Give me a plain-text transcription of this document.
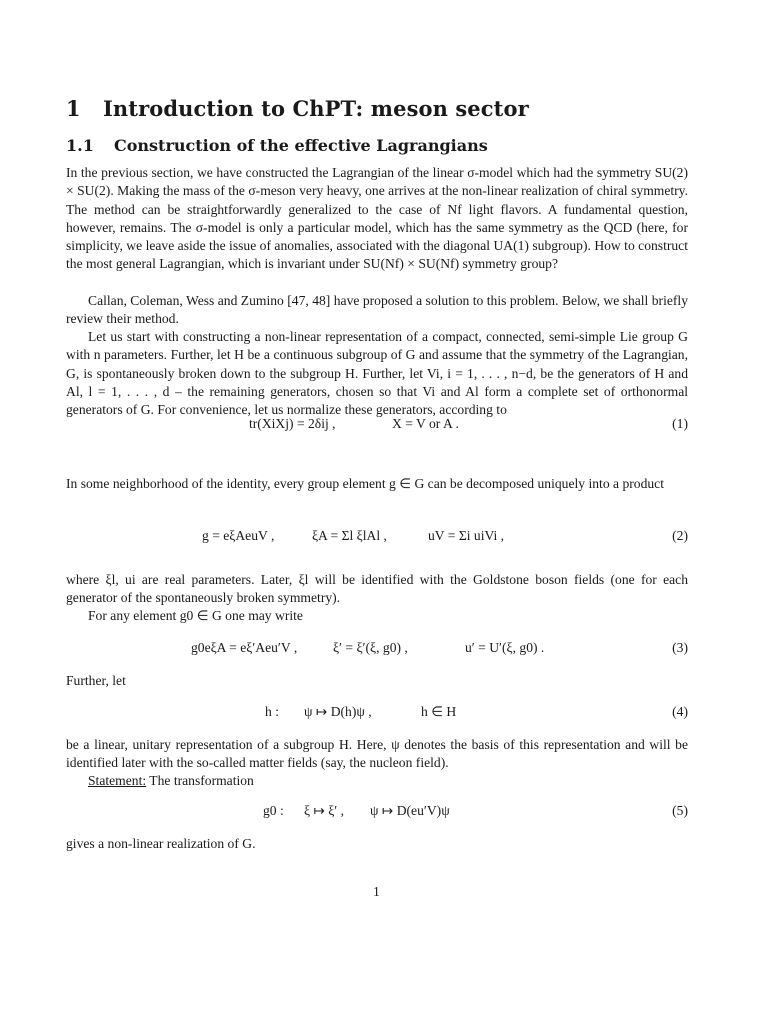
1 Introduction to ChPT: meson sector
1.1 Construction of the effective Lagrangians

In the previous section, we have constructed the Lagrangian of the linear σ-model which had the symmetry SU(2) × SU(2). Making the mass of the σ-meson very heavy, one arrives at the non-linear realization of chiral symmetry. The method can be straightforwardly generalized to the case of Nf light flavors. A fundamental question, however, remains. The σ-model is only a particular model, which has the same symmetry as the QCD (here, for simplicity, we leave aside the issue of anomalies, associated with the diagonal UA(1) subgroup). How to construct the most general Lagrangian, which is invariant under SU(Nf) × SU(Nf) symmetry group?

Callan, Coleman, Wess and Zumino [47, 48] have proposed a solution to this problem. Below, we shall briefly review their method.

Let us start with constructing a non-linear representation of a compact, connected, semi-simple Lie group G with n parameters. Further, let H be a continuous subgroup of G and assume that the symmetry of the Lagrangian, G, is spontaneously broken down to the subgroup H. Further, let Vi, i = 1, . . . , n−d, be the generators of H and Al, l = 1, . . . , d – the remaining generators, chosen so that Vi and Al form a complete set of orthonormal generators of G. For convenience, let us normalize these generators, according to

tr(XiXj) = 2δij ,	X = V or A .	(1)

In some neighborhood of the identity, every group element g ∈ G can be decomposed uniquely into a product

g = eξAeuV ,	ξA = Σl ξlAl ,	uV = Σi uiVi ,	(2)

where ξl, ui are real parameters. Later, ξl will be identified with the Goldstone boson fields (one for each generator of the spontaneously broken symmetry).

For any element g0 ∈ G one may write

g0eξA = eξ′Aeu′V ,	ξ′ = ξ′(ξ, g0) ,	u′ = U′(ξ, g0) .	(3)

Further, let

h : ψ ↦ D(h)ψ ,	h ∈ H	(4)

be a linear, unitary representation of a subgroup H. Here, ψ denotes the basis of this representation and will be identified later with the so-called matter fields (say, the nucleon field).

Statement: The transformation

g0 : ξ ↦ ξ′ , ψ ↦ D(eu′V)ψ	(5)

gives a non-linear realization of G.

1
